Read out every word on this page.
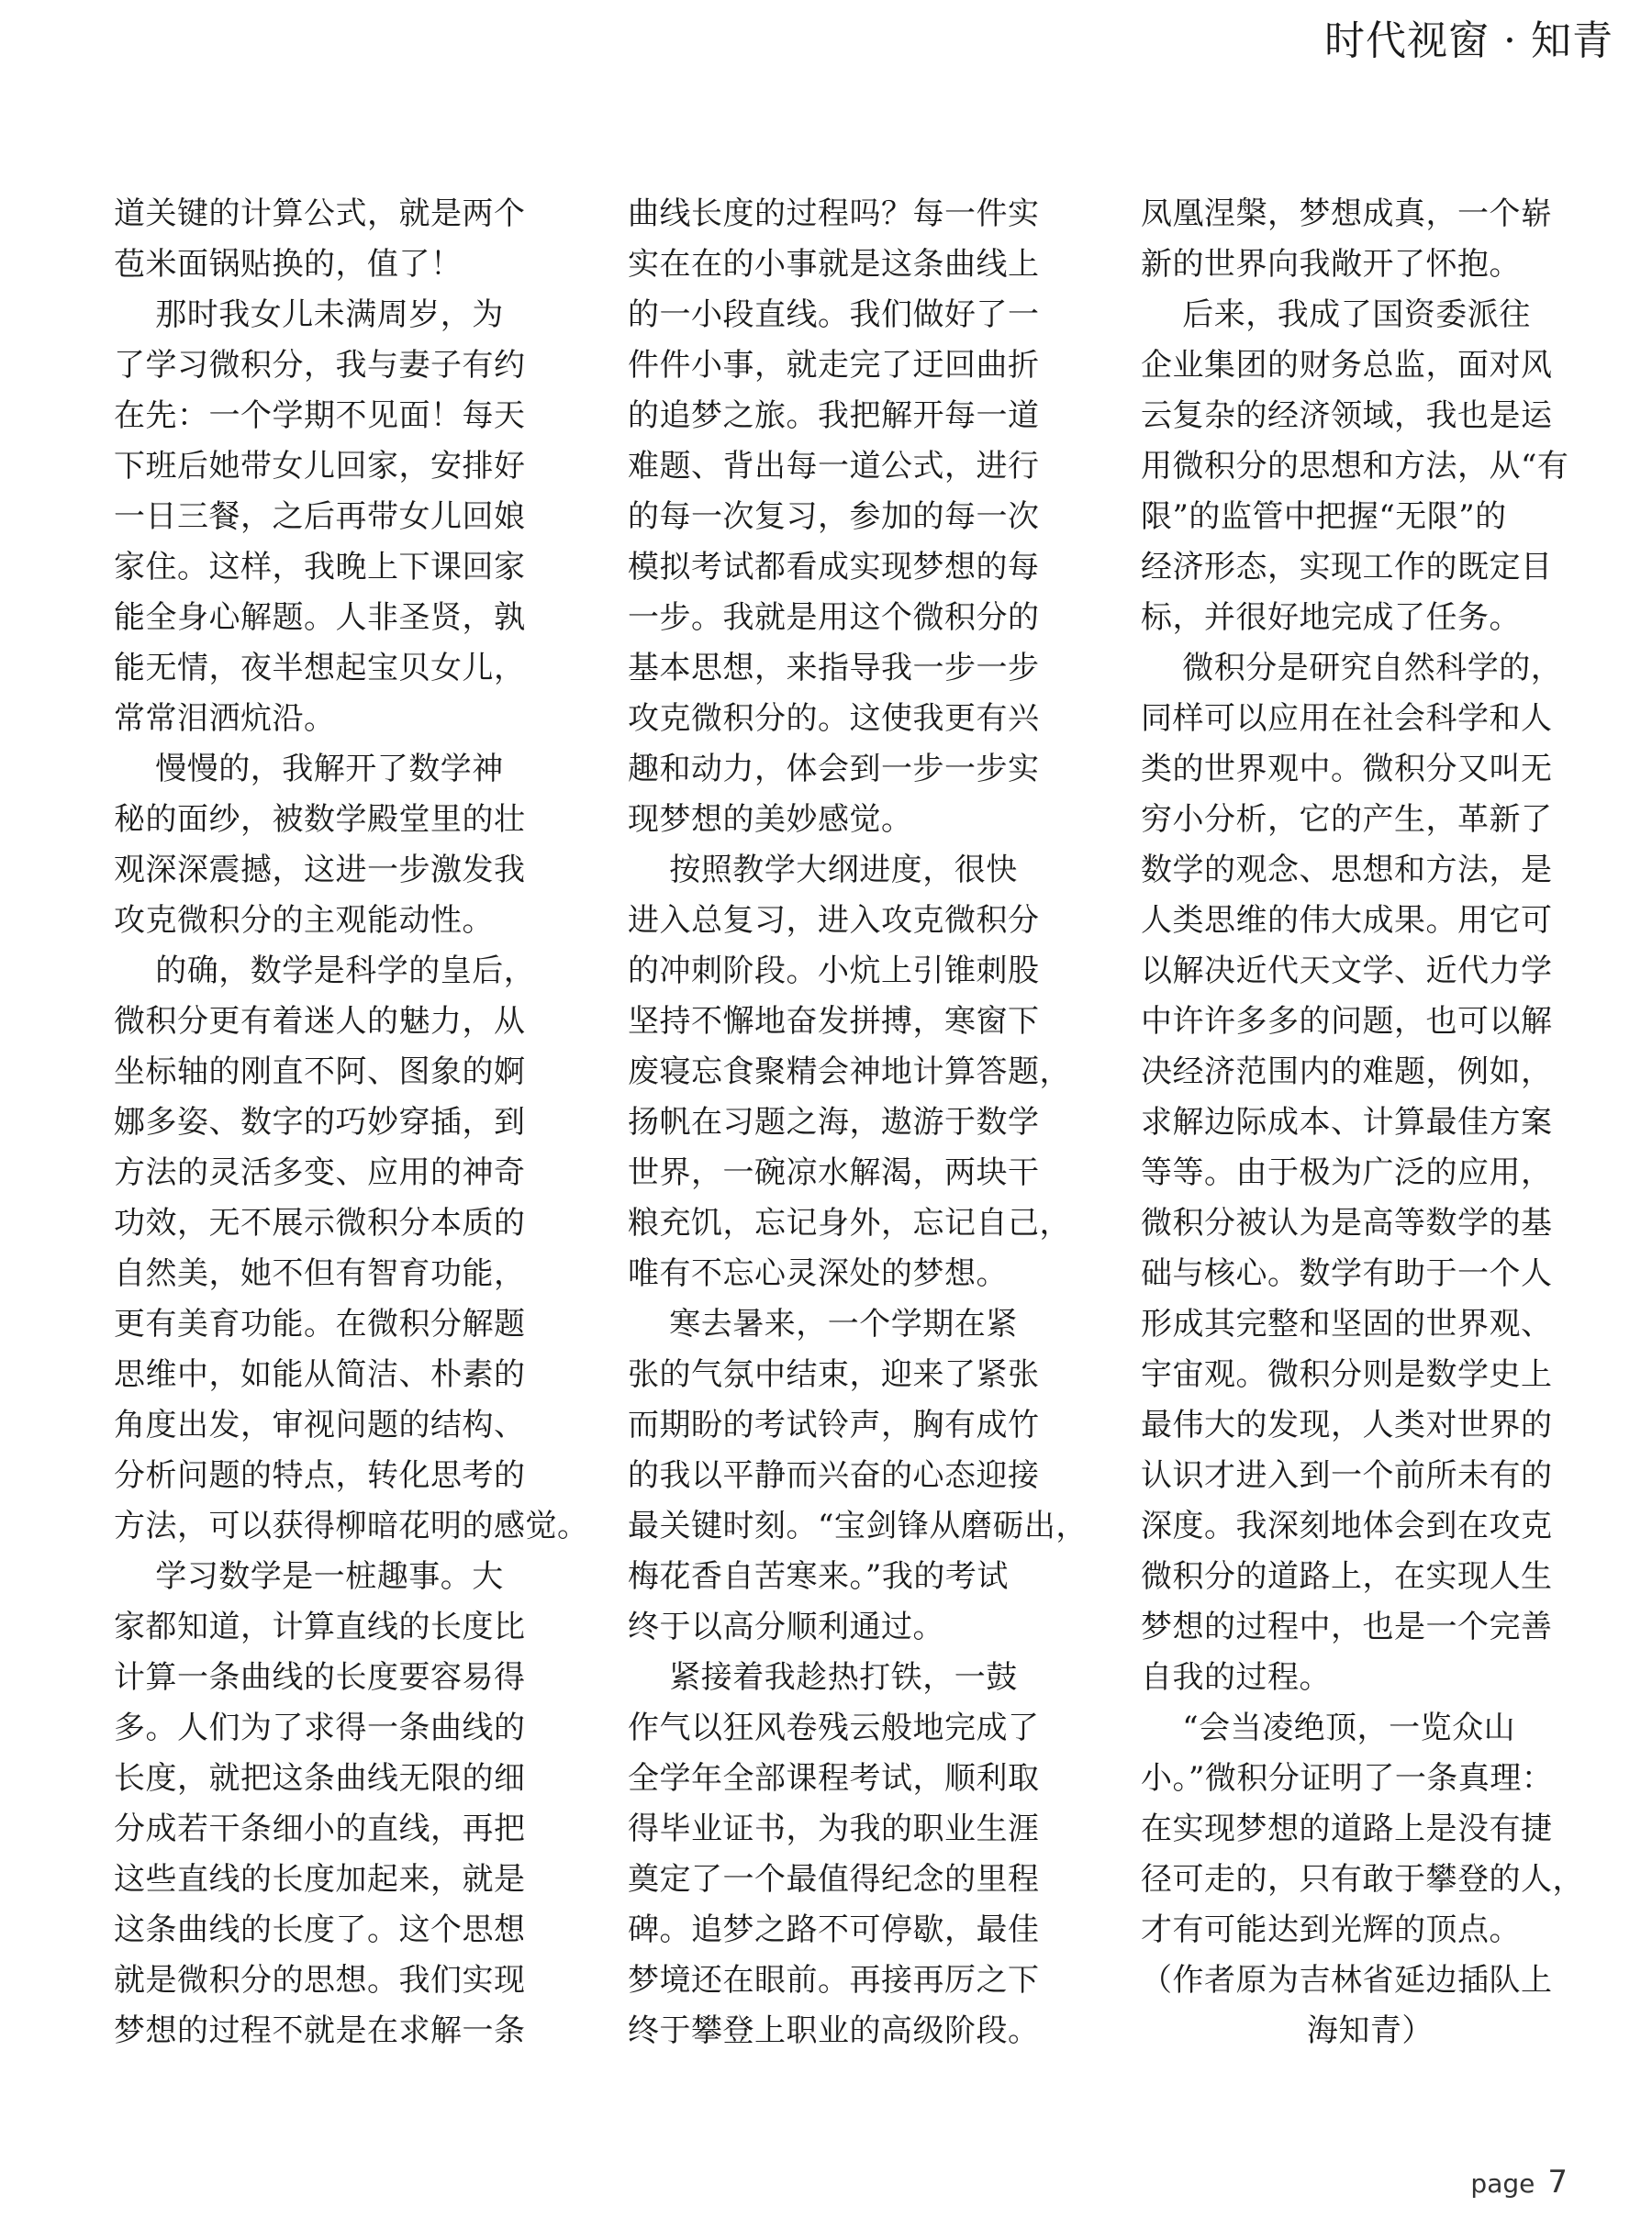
时代视窗 · 知青

道关键的计算公式，就是两个

苞米面锅贴换的，值了！

那时我女儿未满周岁，为

了学习微积分，我与妻子有约

在先：一个学期不见面！每天

下班后她带女儿回家，安排好

一日三餐，之后再带女儿回娘

家住。这样，我晚上下课回家

能全身心解题。人非圣贤，孰

能无情，夜半想起宝贝女儿，

常常泪洒炕沿。

慢慢的，我解开了数学神

秘的面纱，被数学殿堂里的壮

观深深震撼，这进一步激发我

攻克微积分的主观能动性。

的确，数学是科学的皇后，

微积分更有着迷人的魅力，从

坐标轴的刚直不阿、图象的婀

娜多姿、数字的巧妙穿插，到

方法的灵活多变、应用的神奇

功效，无不展示微积分本质的

自然美，她不但有智育功能，

更有美育功能。在微积分解题

思维中，如能从简洁、朴素的

角度出发，审视问题的结构、

分析问题的特点，转化思考的

方法，可以获得柳暗花明的感觉。

学习数学是一桩趣事。大

家都知道，计算直线的长度比

计算一条曲线的长度要容易得

多。人们为了求得一条曲线的

长度，就把这条曲线无限的细

分成若干条细小的直线，再把

这些直线的长度加起来，就是

这条曲线的长度了。这个思想

就是微积分的思想。我们实现

梦想的过程不就是在求解一条

曲线长度的过程吗？每一件实

实在在的小事就是这条曲线上

的一小段直线。我们做好了一

件件小事，就走完了迂回曲折

的追梦之旅。我把解开每一道

难题、背出每一道公式，进行

的每一次复习，参加的每一次

模拟考试都看成实现梦想的每

一步。我就是用这个微积分的

基本思想，来指导我一步一步

攻克微积分的。这使我更有兴

趣和动力，体会到一步一步实

现梦想的美妙感觉。

按照教学大纲进度，很快

进入总复习，进入攻克微积分

的冲刺阶段。小炕上引锥刺股

坚持不懈地奋发拼搏，寒窗下

废寝忘食聚精会神地计算答题，

扬帆在习题之海，遨游于数学

世界，一碗凉水解渴，两块干

粮充饥，忘记身外，忘记自己，

唯有不忘心灵深处的梦想。

寒去暑来，一个学期在紧

张的气氛中结束，迎来了紧张

而期盼的考试铃声，胸有成竹

的我以平静而兴奋的心态迎接

最关键时刻。“宝剑锋从磨砺出，

梅花香自苦寒来。”我的考试

终于以高分顺利通过。

紧接着我趁热打铁，一鼓

作气以狂风卷残云般地完成了

全学年全部课程考试，顺利取

得毕业证书，为我的职业生涯

奠定了一个最值得纪念的里程

碑。追梦之路不可停歇，最佳

梦境还在眼前。再接再厉之下

终于攀登上职业的高级阶段。

凤凰涅槃，梦想成真，一个崭

新的世界向我敞开了怀抱。

后来，我成了国资委派往

企业集团的财务总监，面对风

云复杂的经济领域，我也是运

用微积分的思想和方法，从“有

限”的监管中把握“无限”的

经济形态，实现工作的既定目

标，并很好地完成了任务。

微积分是研究自然科学的，

同样可以应用在社会科学和人

类的世界观中。微积分又叫无

穷小分析，它的产生，革新了

数学的观念、思想和方法，是

人类思维的伟大成果。用它可

以解决近代天文学、近代力学

中许许多多的问题，也可以解

决经济范围内的难题，例如，

求解边际成本、计算最佳方案

等等。由于极为广泛的应用，

微积分被认为是高等数学的基

础与核心。数学有助于一个人

形成其完整和坚固的世界观、

宇宙观。微积分则是数学史上

最伟大的发现，人类对世界的

认识才进入到一个前所未有的

深度。我深刻地体会到在攻克

微积分的道路上，在实现人生

梦想的过程中，也是一个完善

自我的过程。

“会当凌绝顶，一览众山

小。”微积分证明了一条真理：

在实现梦想的道路上是没有捷

径可走的，只有敢于攀登的人，

才有可能达到光辉的顶点。

（作者原为吉林省延边插队上

海知青）

page 7
